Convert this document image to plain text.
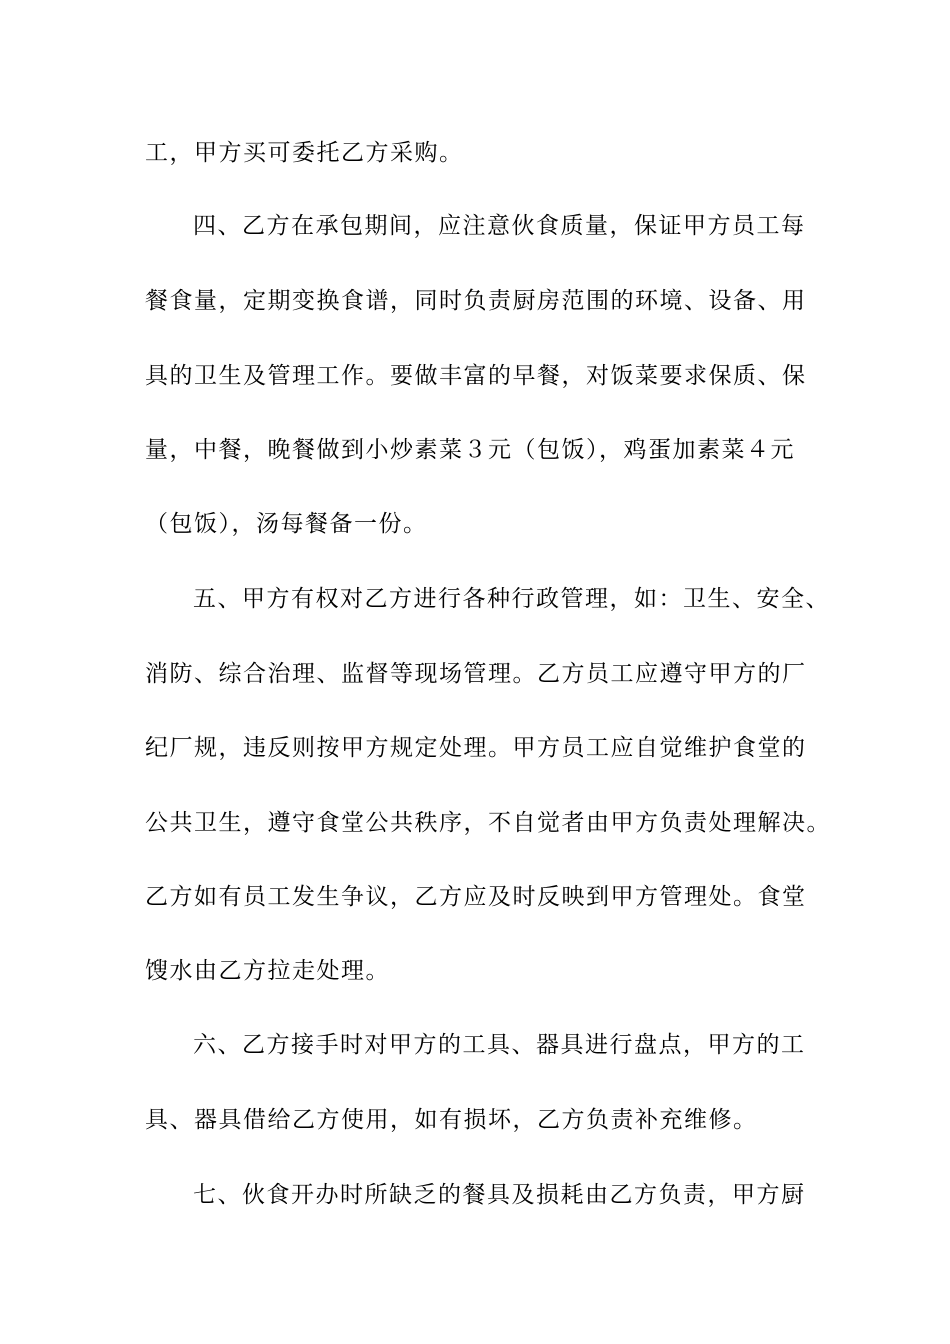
工，甲方买可委托乙方采购。
四、乙方在承包期间，应注意伙食质量，保证甲方员工每
餐食量，定期变换食谱，同时负责厨房范围的环境、设备、用
具的卫生及管理工作。要做丰富的早餐，对饭菜要求保质、保
量，中餐，晚餐做到小炒素菜３元（包饭），鸡蛋加素菜４元
（包饭），汤每餐备一份。
五、甲方有权对乙方进行各种行政管理，如：卫生、安全、
消防、综合治理、监督等现场管理。乙方员工应遵守甲方的厂
纪厂规，违反则按甲方规定处理。甲方员工应自觉维护食堂的
公共卫生，遵守食堂公共秩序，不自觉者由甲方负责处理解决。
乙方如有员工发生争议，乙方应及时反映到甲方管理处。食堂
馊水由乙方拉走处理。
六、乙方接手时对甲方的工具、器具进行盘点，甲方的工
具、器具借给乙方使用，如有损坏，乙方负责补充维修。
七、伙食开办时所缺乏的餐具及损耗由乙方负责，甲方厨
